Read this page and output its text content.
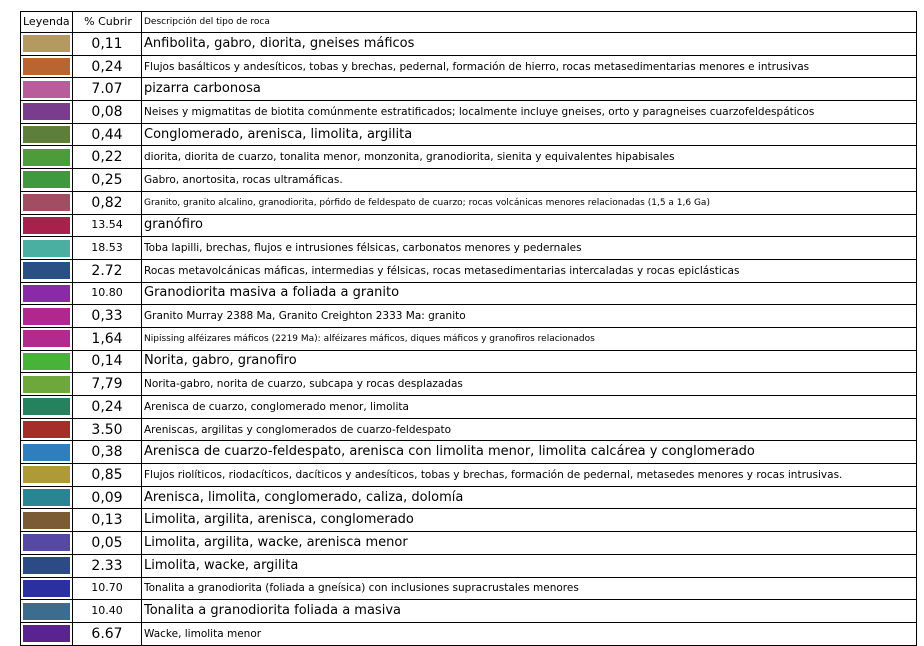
Leyenda	% Cubrir	Descripción del tipo de roca

	0,11	Anfibolita, gabro, diorita, gneises máficos

	0,24	Flujos basálticos y andesíticos, tobas y brechas, pedernal, formación de hierro, rocas metasedimentarias menores e intrusivas

	7.07	pizarra carbonosa

	0,08	Neises y migmatitas de biotita comúnmente estratificados; localmente incluye gneises, orto y paragneises cuarzofeldespáticos

	0,44	Conglomerado, arenisca, limolita, argilita

	0,22	diorita, diorita de cuarzo, tonalita menor, monzonita, granodiorita, sienita y equivalentes hipabisales

	0,25	Gabro, anortosita, rocas ultramáficas.

	0,82	Granito, granito alcalino, granodiorita, pórfido de feldespato de cuarzo; rocas volcánicas menores relacionadas (1,5 a 1,6 Ga)

	13.54	granófiro

	18.53	Toba lapilli, brechas, flujos e intrusiones félsicas, carbonatos menores y pedernales

	2.72	Rocas metavolcánicas máficas, intermedias y félsicas, rocas metasedimentarias intercaladas y rocas epiclásticas

	10.80	Granodiorita masiva a foliada a granito

	0,33	Granito Murray 2388 Ma, Granito Creighton 2333 Ma: granito

	1,64	Nipissing alféizares máficos (2219 Ma): alféizares máficos, diques máficos y granofiros relacionados

	0,14	Norita, gabro, granofiro

	7,79	Norita-gabro, norita de cuarzo, subcapa y rocas desplazadas

	0,24	Arenisca de cuarzo, conglomerado menor, limolita

	3.50	Areniscas, argilitas y conglomerados de cuarzo-feldespato

	0,38	Arenisca de cuarzo-feldespato, arenisca con limolita menor, limolita calcárea y conglomerado

	0,85	Flujos riolíticos, riodacíticos, dacíticos y andesíticos, tobas y brechas, formación de pedernal, metasedes menores y rocas intrusivas.

	0,09	Arenisca, limolita, conglomerado, caliza, dolomía

	0,13	Limolita, argilita, arenisca, conglomerado

	0,05	Limolita, argilita, wacke, arenisca menor

	2.33	Limolita, wacke, argilita

	10.70	Tonalita a granodiorita (foliada a gneísica) con inclusiones supracrustales menores

	10.40	Tonalita a granodiorita foliada a masiva

	6.67	Wacke, limolita menor
